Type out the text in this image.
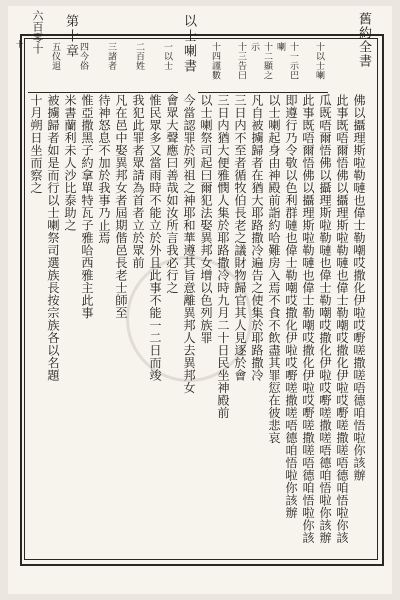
舊約全書
以士喇書
第十章
六百零十	十以士喇
十一示巴喇
十二顯之示
十三告曰
十四謹數
一以士
二百姓
三諸者
四今俗
五仪退
十
佛以攝理斯啦勒嗹也偉士勒嘲哎撒化伊啦哎嘢嗟撒嗟唔德咱悟啦你該辦
此事既唔爾悟佛以攝理斯啦勒嗹也偉士勒嘲哎撒化伊啦哎嘢嗟撒嗟唔德咱悟啦你該
瓜既唔爾悟佛以攝理斯啦勒嗹也偉士勒嘲哎撒化伊啦哎嘢嗟撒嗟唔德咱悟啦你該辦
此事既唔爾悟佛以攝理斯啦勒嗹也偉士勒嘲哎撒化伊啦哎嘢嗟撒嗟唔德咱悟啦你該
即遵行乃令敬以色利群嗹也偉士勒嘲哎撒化伊啦哎嘢嗟撒嗟唔德咱悟啦你該辦
以士喇起身由神殿前詣約哈難房入焉不食不飲盡其罪愆在彼悲哀
凡自被擄歸者在猶大耶路撒冷遍告之使集於耶路撒冷
三日内不至者循牧伯長老之議財物歸官其人見逐於會
三日内猶大便雅憫人集於耶路撒冷時九月二十日民坐神殿前
以士喇祭司起曰爾犯法娶異邦女增以色列族罪
今當認罪於列祖之神耶和華遵其旨意離異邦人去異邦女
會眾大聲應曰善哉如汝所言我必行之
惟民眾多又當雨時不能立於外且此事不能一二日而竣
我犯此罪者眾請為首者立於眾前
凡在邑中娶異邦女者屆期偕邑長老士師至
待神怒息不加於我事乃止焉
惟亞撒黑子約拿單特瓦子雅哈西雅主此事
米書蘭利未人沙比泰助之
被擄歸者如是而行以士喇祭司選族長按宗族各以名題
十月朔日坐而察之
